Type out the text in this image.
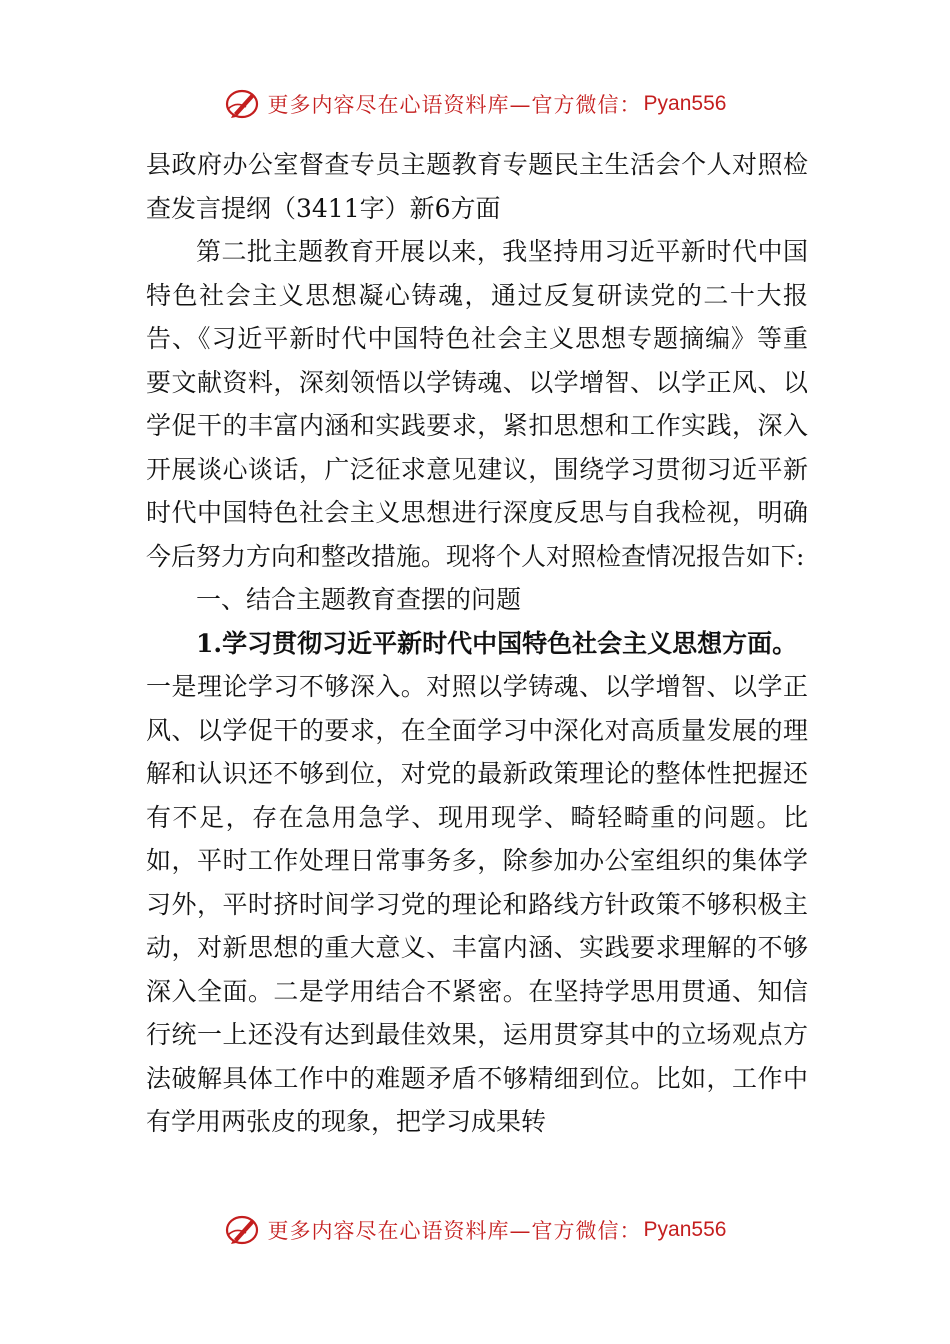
更多内容尽在心语资料库—官方微信： Pyan556

县政府办公室督查专员主题教育专题民主生活会个人对照检查发言提纲（3411字）新6方面

第二批主题教育开展以来，我坚持用习近平新时代中国特色社会主义思想凝心铸魂，通过反复研读党的二十大报告、《习近平新时代中国特色社会主义思想专题摘编》等重要文献资料，深刻领悟以学铸魂、以学增智、以学正风、以学促干的丰富内涵和实践要求，紧扣思想和工作实践，深入开展谈心谈话，广泛征求意见建议，围绕学习贯彻习近平新时代中国特色社会主义思想进行深度反思与自我检视，明确今后努力方向和整改措施。现将个人对照检查情况报告如下:

一、结合主题教育查摆的问题

1.学习贯彻习近平新时代中国特色社会主义思想方面。

一是理论学习不够深入。对照以学铸魂、以学增智、以学正风、以学促干的要求，在全面学习中深化对高质量发展的理解和认识还不够到位，对党的最新政策理论的整体性把握还有不足，存在急用急学、现用现学、畸轻畸重的问题。比如，平时工作处理日常事务多，除参加办公室组织的集体学习外，平时挤时间学习党的理论和路线方针政策不够积极主动，对新思想的重大意义、丰富内涵、实践要求理解的不够深入全面。二是学用结合不紧密。在坚持学思用贯通、知信行统一上还没有达到最佳效果，运用贯穿其中的立场观点方法破解具体工作中的难题矛盾不够精细到位。比如，工作中有学用两张皮的现象，把学习成果转

更多内容尽在心语资料库—官方微信： Pyan556
